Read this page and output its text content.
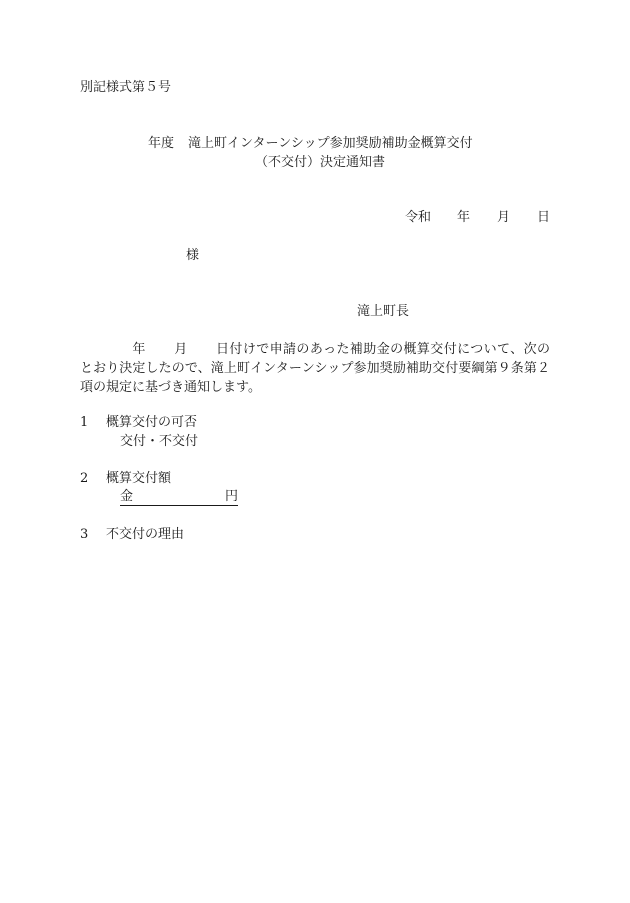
別記様式第５号
年度 滝上町インターンシップ参加奨励補助金概算交付
（不交付）決定通知書
令和 年 月 日
様
滝上町長
年 月 日付けで申請のあった補助金の概算交付について、次のとおり決定したので、滝上町インターンシップ参加奨励補助交付要綱第９条第２項の規定に基づき通知します。
1 概算交付の可否
交付・不交付
2 概算交付額
金	円
3 不交付の理由
